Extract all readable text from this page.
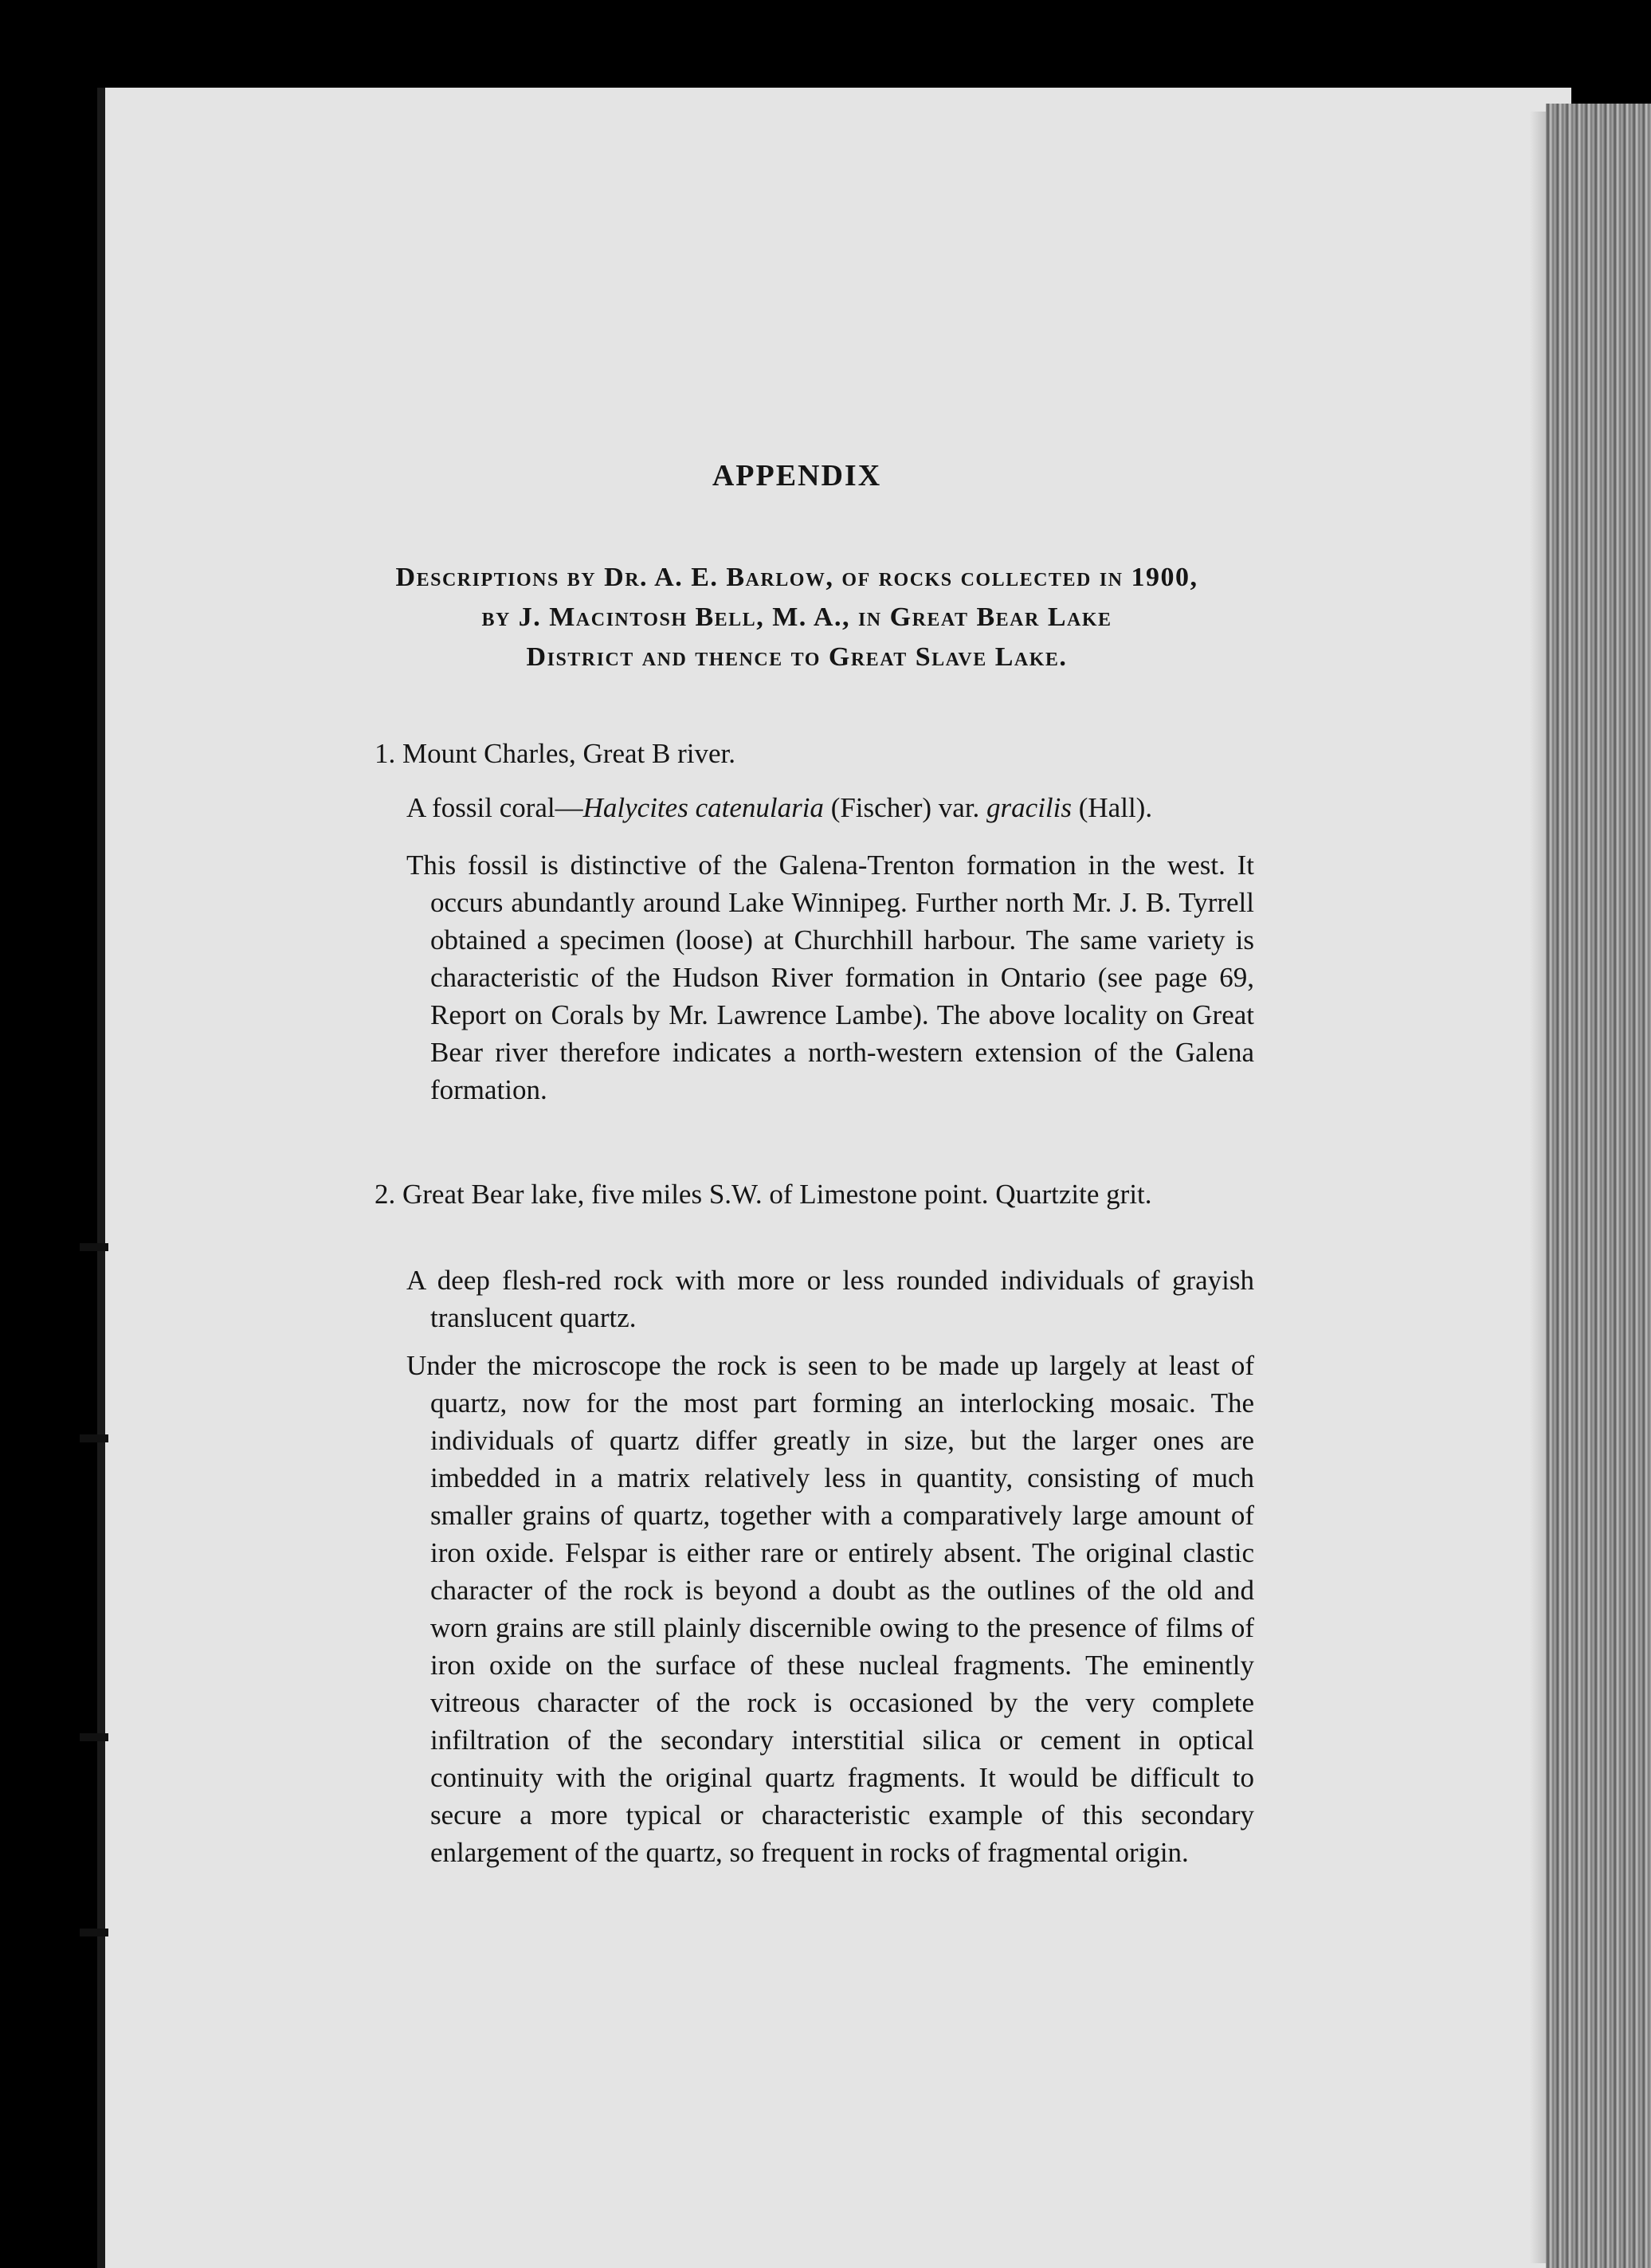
APPENDIX
Descriptions by Dr. A. E. Barlow, of rocks collected in 1900,
by J. Macintosh Bell, M. A., in Great Bear Lake
District and thence to Great Slave Lake.
1. Mount Charles, Great B river.
A fossil coral—Halycites catenularia (Fischer) var. gracilis (Hall).
This fossil is distinctive of the Galena-Trenton formation in the west. It occurs abundantly around Lake Winnipeg. Further north Mr. J. B. Tyrrell obtained a specimen (loose) at Churchhill harbour. The same variety is characteristic of the Hudson River formation in Ontario (see page 69, Report on Corals by Mr. Lawrence Lambe). The above locality on Great Bear river therefore indicates a north-western extension of the Galena formation.
2. Great Bear lake, five miles S.W. of Limestone point. Quartzite grit.
A deep flesh-red rock with more or less rounded individuals of grayish translucent quartz.
Under the microscope the rock is seen to be made up largely at least of quartz, now for the most part forming an interlocking mosaic. The individuals of quartz differ greatly in size, but the larger ones are imbedded in a matrix relatively less in quantity, consisting of much smaller grains of quartz, together with a comparatively large amount of iron oxide. Felspar is either rare or entirely absent. The original clastic character of the rock is beyond a doubt as the outlines of the old and worn grains are still plainly discernible owing to the presence of films of iron oxide on the surface of these nucleal fragments. The eminently vitreous character of the rock is occasioned by the very complete infiltration of the secondary interstitial silica or cement in optical continuity with the original quartz fragments. It would be difficult to secure a more typical or characteristic example of this secondary enlargement of the quartz, so frequent in rocks of fragmental origin.
